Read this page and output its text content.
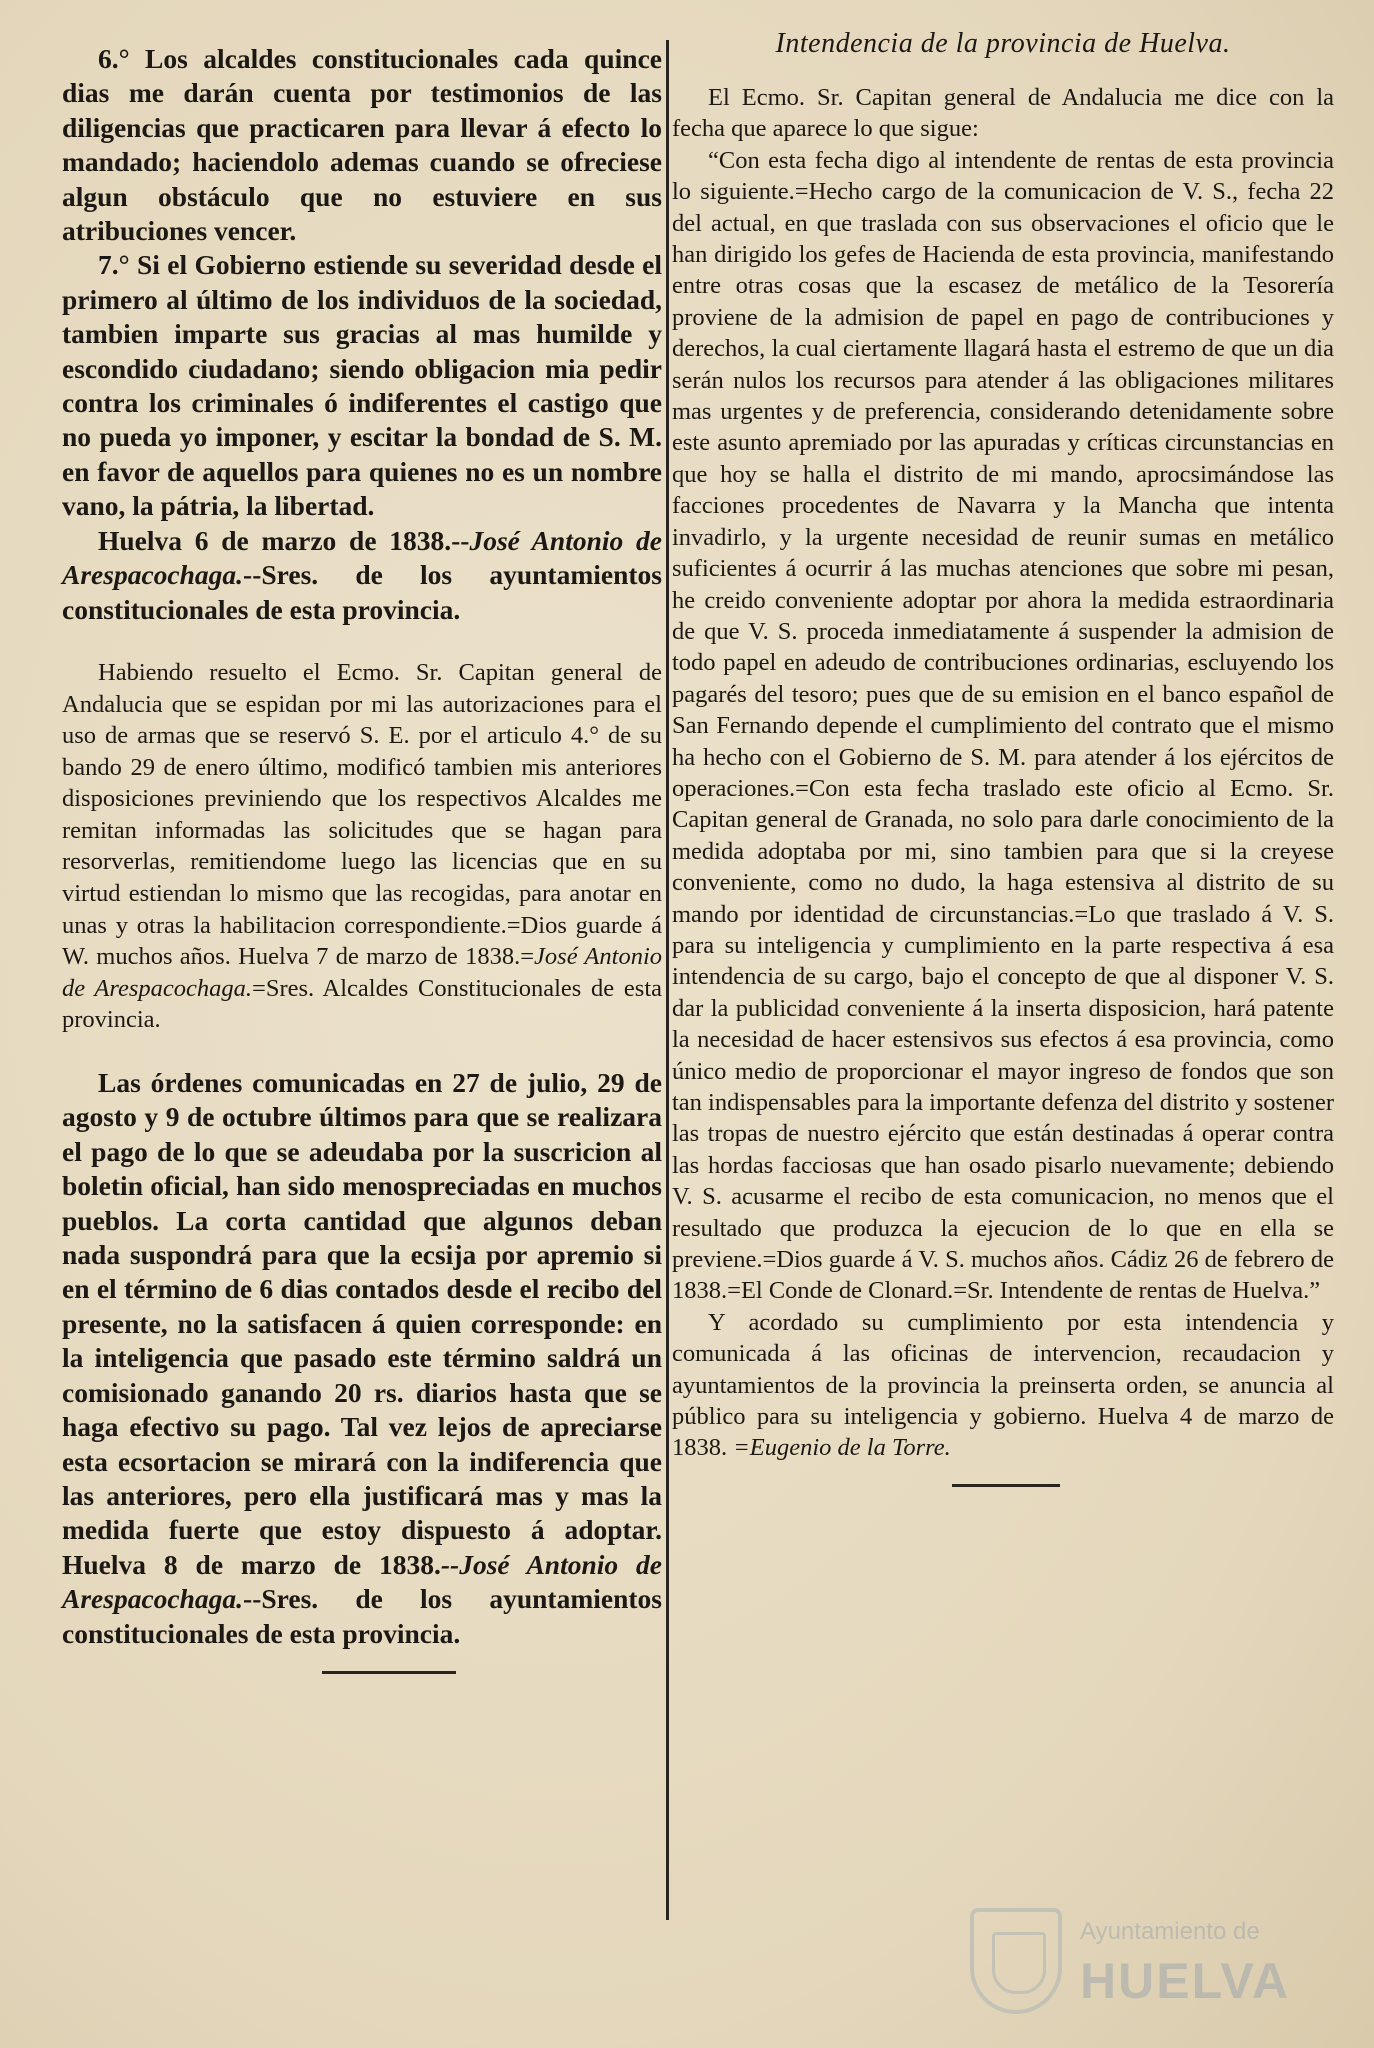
6.° Los alcaldes constitucionales cada quince dias me darán cuenta por testimonios de las diligencias que practicaren para llevar á efecto lo mandado; haciendolo ademas cuando se ofreciese algun obstáculo que no estuviere en sus atribuciones vencer.

7.° Si el Gobierno estiende su severidad desde el primero al último de los individuos de la sociedad, tambien imparte sus gracias al mas humilde y escondido ciudadano; siendo obligacion mia pedir contra los criminales ó indiferentes el castigo que no pueda yo imponer, y escitar la bondad de S. M. en favor de aquellos para quienes no es un nombre vano, la pátria, la libertad.

Huelva 6 de marzo de 1838.--José Antonio de Arespacochaga.--Sres. de los ayuntamientos constitucionales de esta provincia.

Habiendo resuelto el Ecmo. Sr. Capitan general de Andalucia que se espidan por mi las autorizaciones para el uso de armas que se reservó S. E. por el articulo 4.° de su bando 29 de enero último, modificó tambien mis anteriores disposiciones previniendo que los respectivos Alcaldes me remitan informadas las solicitudes que se hagan para resorverlas, remitiendome luego las licencias que en su virtud estiendan lo mismo que las recogidas, para anotar en unas y otras la habilitacion correspondiente.=Dios guarde á W. muchos años. Huelva 7 de marzo de 1838.=José Antonio de Arespacochaga.=Sres. Alcaldes Constitucionales de esta provincia.

Las órdenes comunicadas en 27 de julio, 29 de agosto y 9 de octubre últimos para que se realizara el pago de lo que se adeudaba por la suscricion al boletin oficial, han sido menospreciadas en muchos pueblos. La corta cantidad que algunos deban nada suspondrá para que la ecsija por apremio si en el término de 6 dias contados desde el recibo del presente, no la satisfacen á quien corresponde: en la inteligencia que pasado este término saldrá un comisionado ganando 20 rs. diarios hasta que se haga efectivo su pago. Tal vez lejos de apreciarse esta ecsortacion se mirará con la indiferencia que las anteriores, pero ella justificará mas y mas la medida fuerte que estoy dispuesto á adoptar. Huelva 8 de marzo de 1838.--José Antonio de Arespacochaga.--Sres. de los ayuntamientos constitucionales de esta provincia.

Intendencia de la provincia de Huelva.

El Ecmo. Sr. Capitan general de Andalucia me dice con la fecha que aparece lo que sigue:

“Con esta fecha digo al intendente de rentas de esta provincia lo siguiente.=Hecho cargo de la comunicacion de V. S., fecha 22 del actual, en que traslada con sus observaciones el oficio que le han dirigido los gefes de Hacienda de esta provincia, manifestando entre otras cosas que la escasez de metálico de la Tesorería proviene de la admision de papel en pago de contribuciones y derechos, la cual ciertamente llagará hasta el estremo de que un dia serán nulos los recursos para atender á las obligaciones militares mas urgentes y de preferencia, considerando detenidamente sobre este asunto apremiado por las apuradas y críticas circunstancias en que hoy se halla el distrito de mi mando, aprocsimándose las facciones procedentes de Navarra y la Mancha que intenta invadirlo, y la urgente necesidad de reunir sumas en metálico suficientes á ocurrir á las muchas atenciones que sobre mi pesan, he creido conveniente adoptar por ahora la medida estraordinaria de que V. S. proceda inmediatamente á suspender la admision de todo papel en adeudo de contribuciones ordinarias, escluyendo los pagarés del tesoro; pues que de su emision en el banco español de San Fernando depende el cumplimiento del contrato que el mismo ha hecho con el Gobierno de S. M. para atender á los ejércitos de operaciones.=Con esta fecha traslado este oficio al Ecmo. Sr. Capitan general de Granada, no solo para darle conocimiento de la medida adoptaba por mi, sino tambien para que si la creyese conveniente, como no dudo, la haga estensiva al distrito de su mando por identidad de circunstancias.=Lo que traslado á V. S. para su inteligencia y cumplimiento en la parte respectiva á esa intendencia de su cargo, bajo el concepto de que al disponer V. S. dar la publicidad conveniente á la inserta disposicion, hará patente la necesidad de hacer estensivos sus efectos á esa provincia, como único medio de proporcionar el mayor ingreso de fondos que son tan indispensables para la importante defenza del distrito y sostener las tropas de nuestro ejército que están destinadas á operar contra las hordas facciosas que han osado pisarlo nuevamente; debiendo V. S. acusarme el recibo de esta comunicacion, no menos que el resultado que produzca la ejecucion de lo que en ella se previene.=Dios guarde á V. S. muchos años. Cádiz 26 de febrero de 1838.=El Conde de Clonard.=Sr. Intendente de rentas de Huelva.”

Y acordado su cumplimiento por esta intendencia y comunicada á las oficinas de intervencion, recaudacion y ayuntamientos de la provincia la preinserta orden, se anuncia al público para su inteligencia y gobierno. Huelva 4 de marzo de 1838. =Eugenio de la Torre.

Ayuntamiento de
HUELVA
